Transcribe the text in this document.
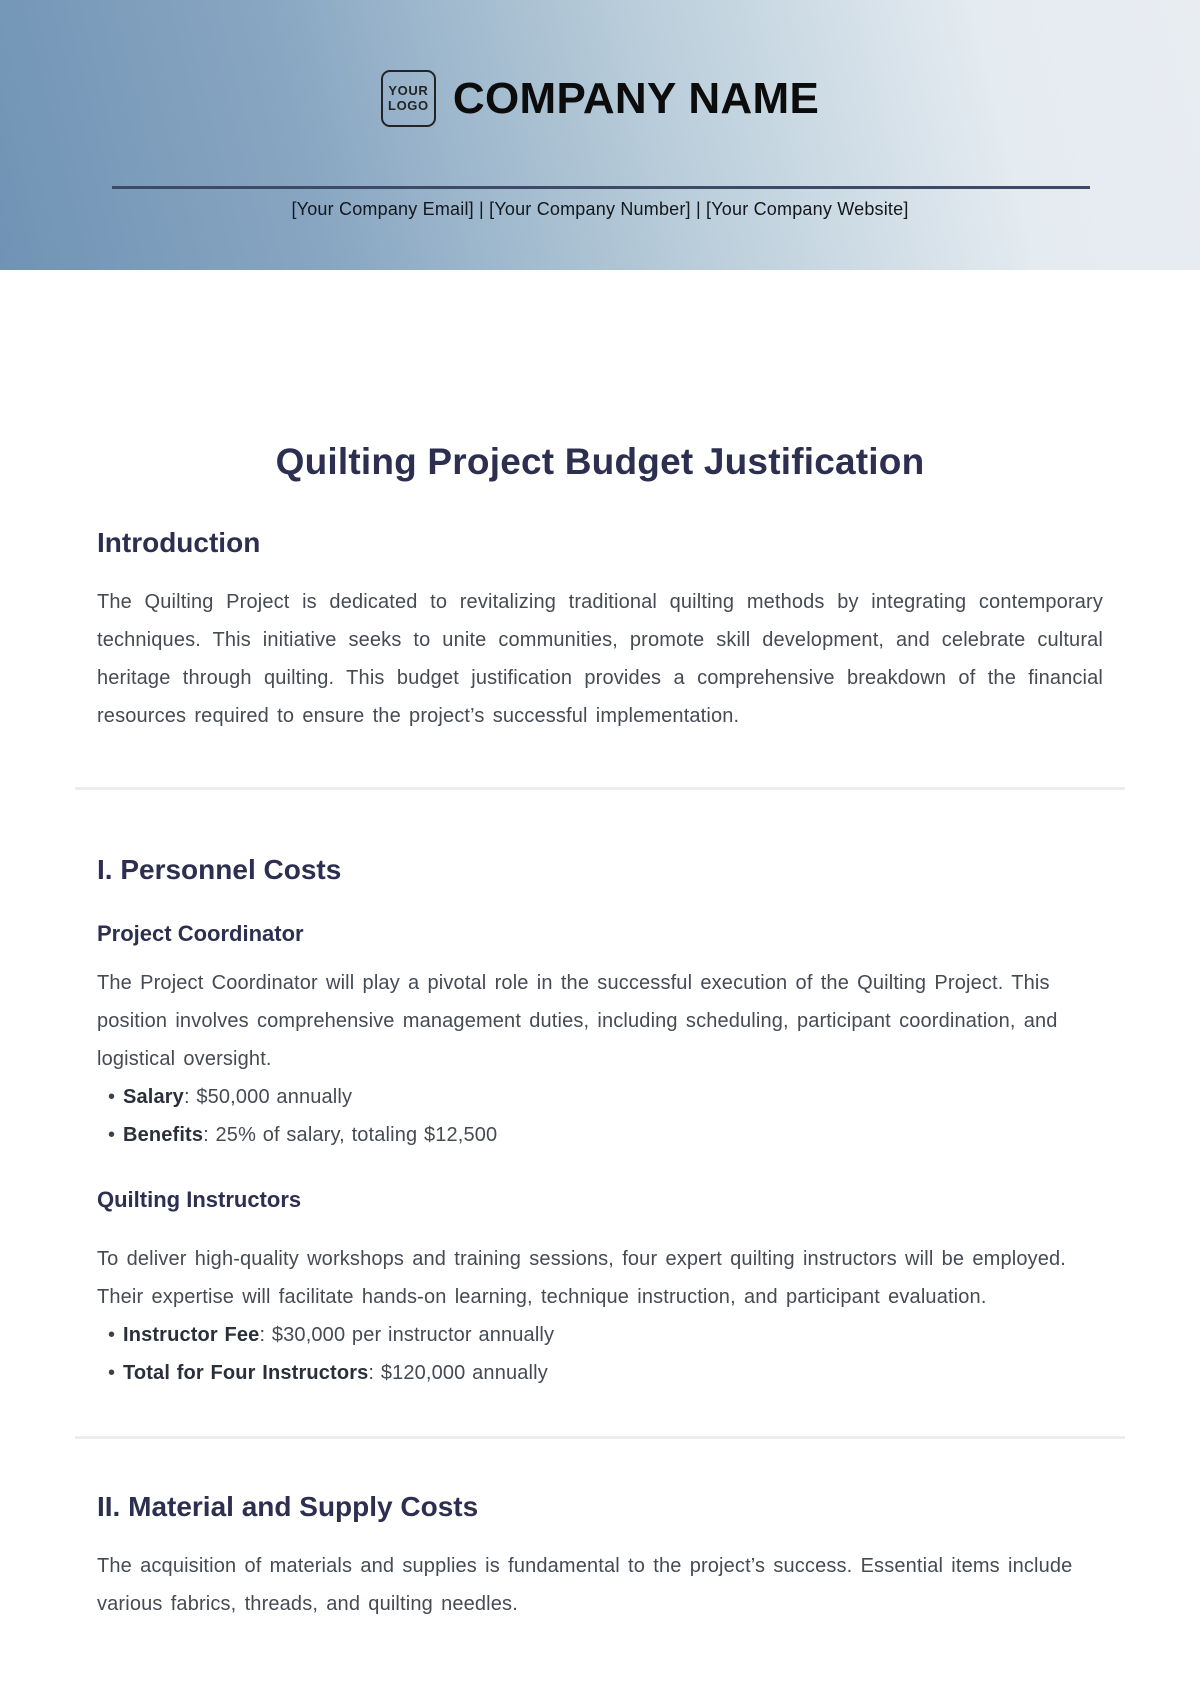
YOUR
LOGO COMPANY NAME
[Your Company Email] | [Your Company Number] | [Your Company Website]
Quilting Project Budget Justification
Introduction

The Quilting Project is dedicated to revitalizing traditional quilting methods by integrating contemporary techniques. This initiative seeks to unite communities, promote skill development, and celebrate cultural heritage through quilting. This budget justification provides a comprehensive breakdown of the financial resources required to ensure the project’s successful implementation.

I. Personnel Costs
Project Coordinator

The Project Coordinator will play a pivotal role in the successful execution of the Quilting Project. This position involves comprehensive management duties, including scheduling, participant coordination, and logistical oversight.

• Salary: $50,000 annually
• Benefits: 25% of salary, totaling $12,500
Quilting Instructors

To deliver high-quality workshops and training sessions, four expert quilting instructors will be employed. Their expertise will facilitate hands-on learning, technique instruction, and participant evaluation.

• Instructor Fee: $30,000 per instructor annually
• Total for Four Instructors: $120,000 annually
II. Material and Supply Costs

The acquisition of materials and supplies is fundamental to the project’s success. Essential items include various fabrics, threads, and quilting needles.
